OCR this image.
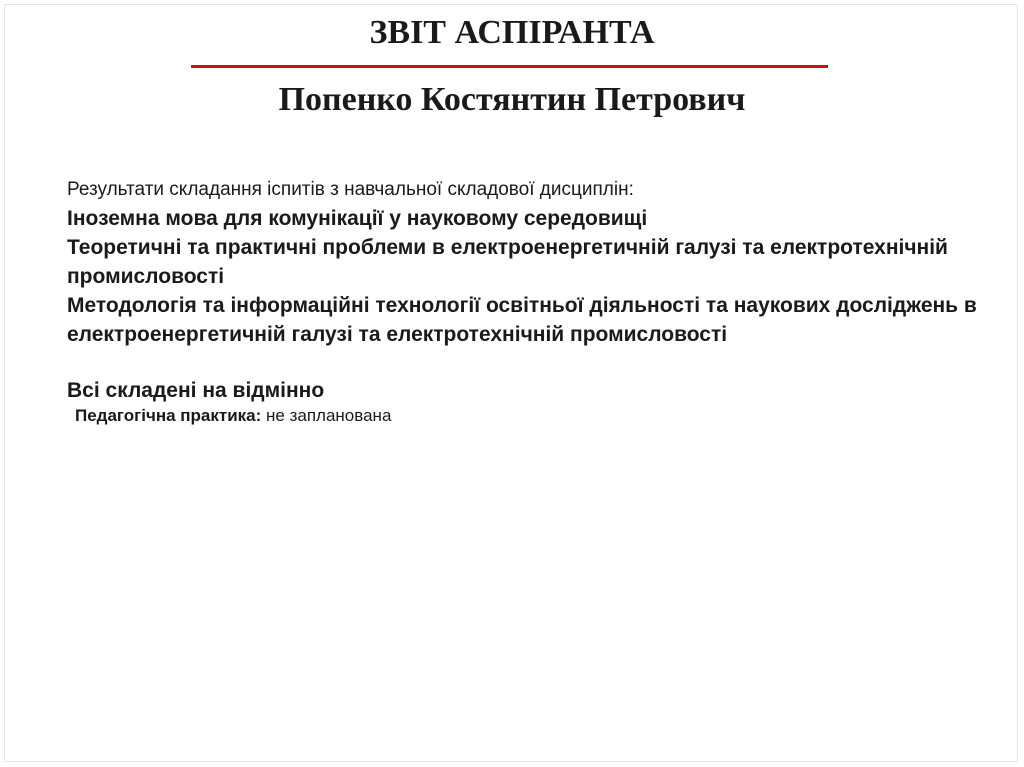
ЗВІТ АСПІРАНТА
Попенко Костянтин Петрович

Результати складання іспитів з навчальної складової дисциплін:

Іноземна мова для комунікації у науковому середовищі

Теоретичні та практичні проблеми в електроенергетичній галузі та електротехнічній промисловості

Методологія та інформаційні технології освітньої діяльності та наукових досліджень в електроенергетичній галузі та електротехнічній промисловості

Всі складені на відмінно

Педагогічна практика: не запланована
